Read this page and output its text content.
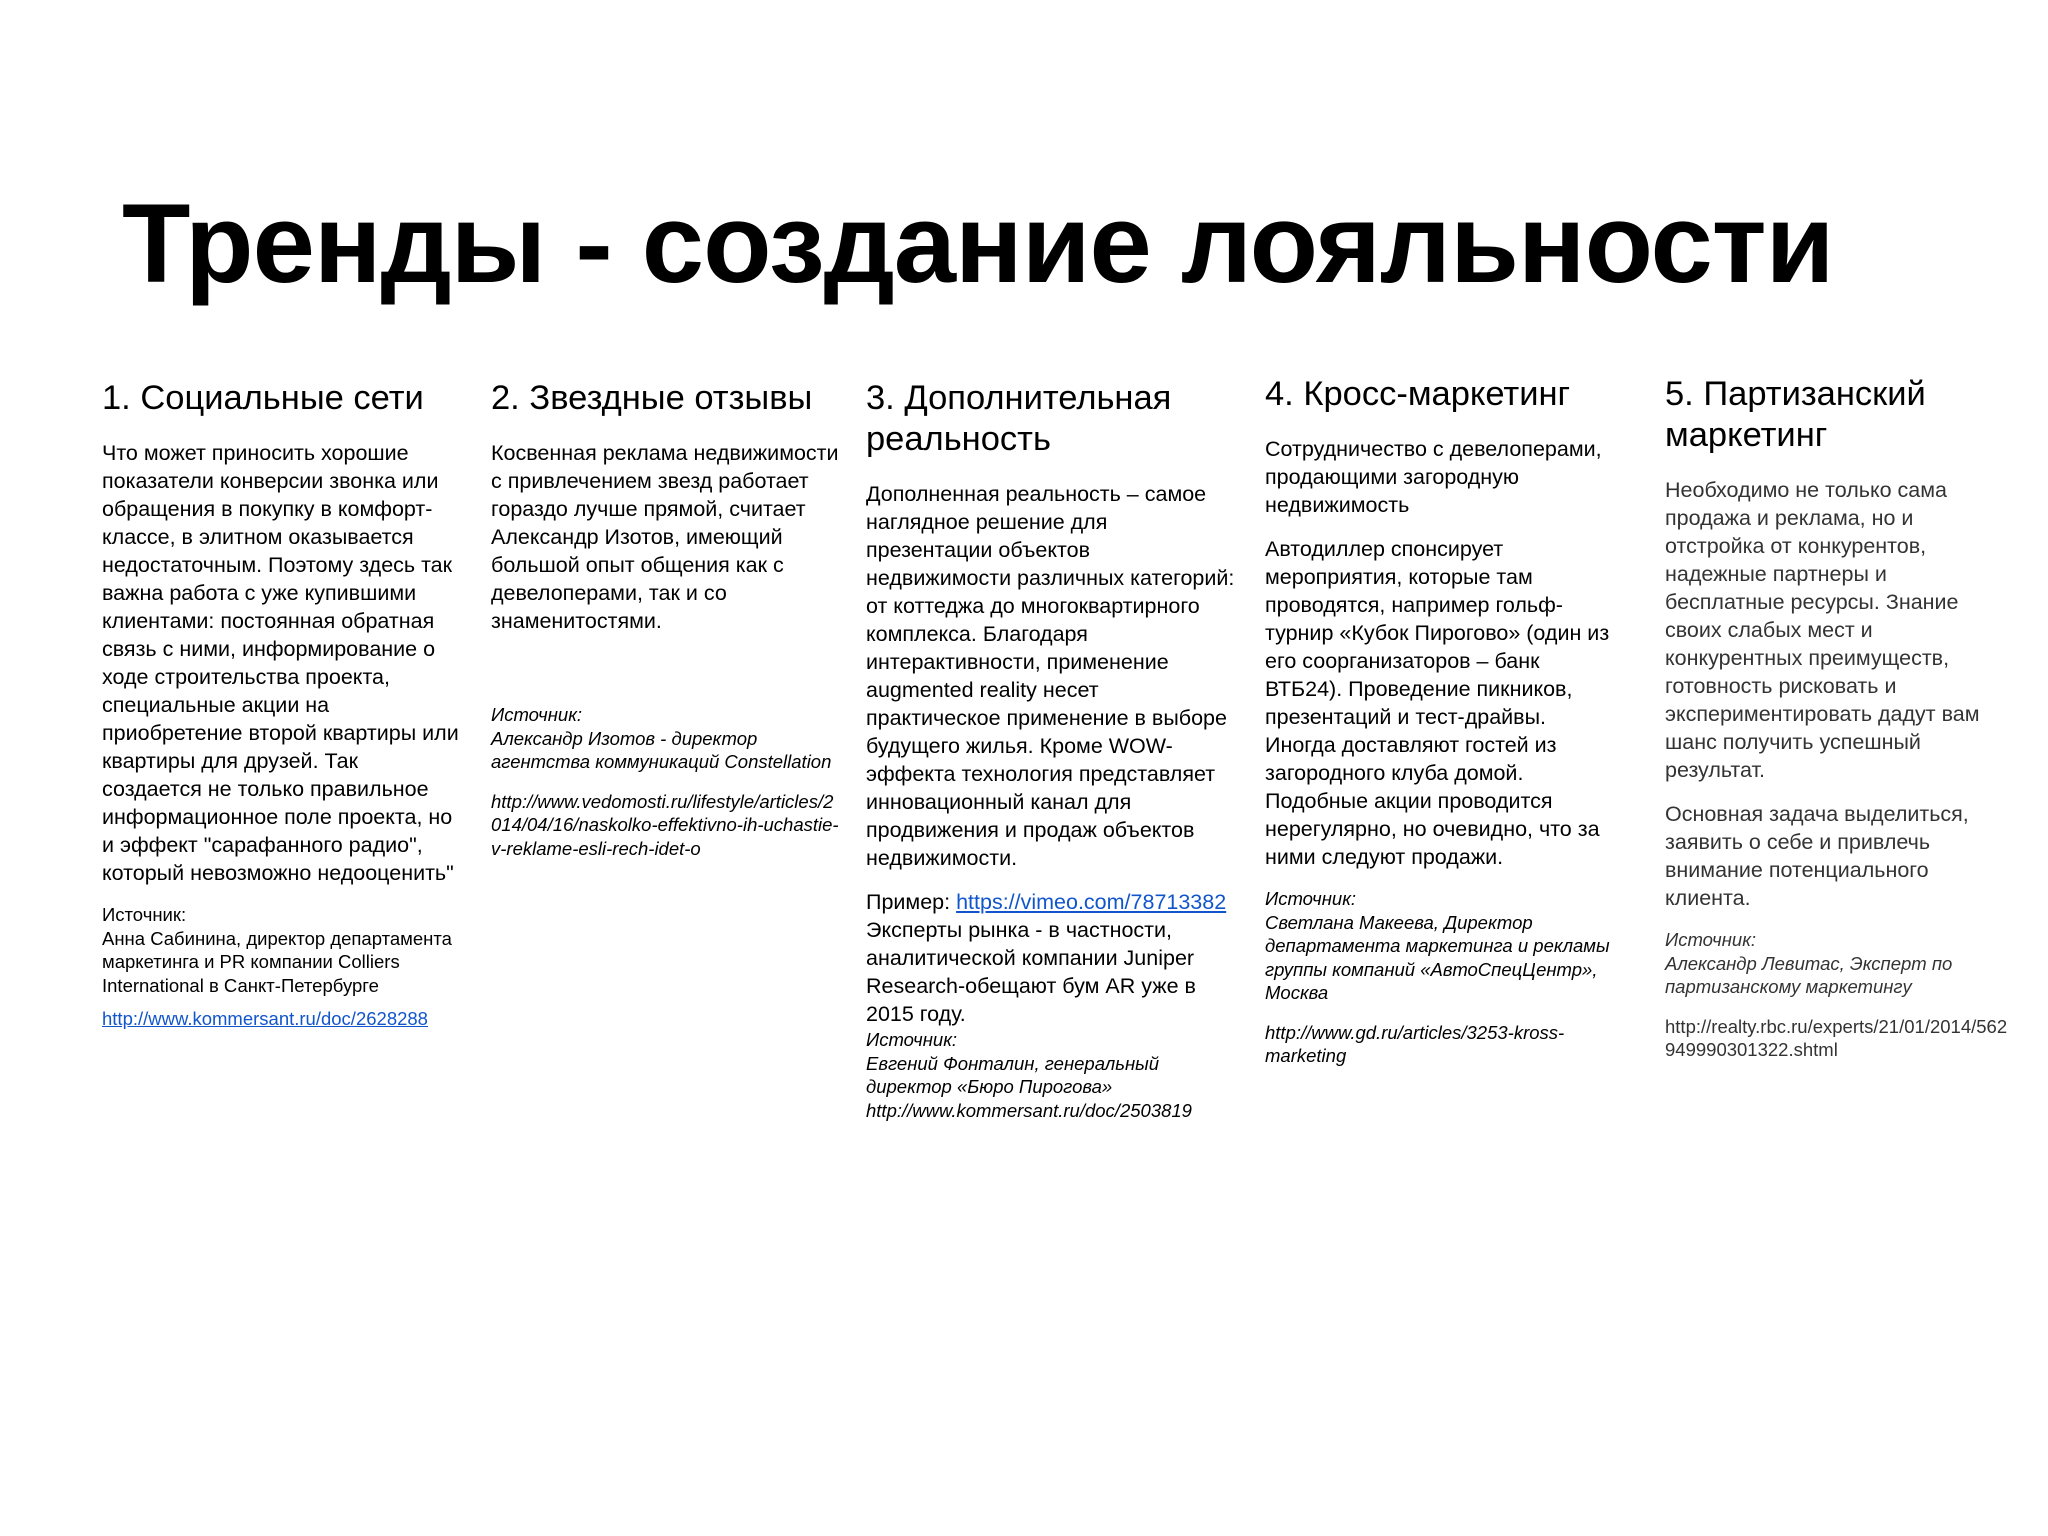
Тренды - создание лояльности
1. Социальные сети

Что может приносить хорошие показатели конверсии звонка или обращения в покупку в комфорт-классе, в элитном оказывается недостаточным. Поэтому здесь так важна работа с уже купившими клиентами: постоянная обратная связь с ними, информирование о ходе строительства проекта, специальные акции на приобретение второй квартиры или квартиры для друзей. Так создается не только правильное информационное поле проекта, но и эффект "сарафанного радио", который невозможно недооценить"

Источник:

Анна Сабинина, директор департамента маркетинга и PR компании Colliers International в Санкт-Петербурге

http://www.kommersant.ru/doc/2628288

2. Звездные отзывы

Косвенная реклама недвижимости с привлечением звезд работает гораздо лучше прямой, считает Александр Изотов, имеющий большой опыт общения как с девелоперами, так и со знаменитостями.

Источник:

Александр Изотов - директор агентства коммуникаций Constellation

http://www.vedomosti.ru/lifestyle/articles/2014/04/16/naskolko-effektivno-ih-uchastie-v-reklame-esli-rech-idet-o

3. Дополнительная реальность

Дополненная реальность – самое наглядное решение для презентации объектов недвижимости различных категорий: от коттеджа до многоквартирного комплекса. Благодаря интерактивности, применение augmented reality несет практическое применение в выборе будущего жилья. Кроме WOW-эффекта технология представляет инновационный канал для продвижения и продаж объектов недвижимости.

Пример: https://vimeo.com/78713382

Эксперты рынка - в частности, аналитической компании Juniper Research-обещают бум AR уже в 2015 году.

Источник:

Евгений Фонталин, генеральный директор «Бюро Пирогова»

http://www.kommersant.ru/doc/2503819

4. Кросс-маркетинг

Сотрудничество с девелоперами, продающими загородную недвижимость

Автодиллер спонсирует мероприятия, которые там проводятся, например гольф-турнир «Кубок Пирогово» (один из его соорганизаторов – банк ВТБ24). Проведение пикников, презентаций и тест-драйвы. Иногда доставляют гостей из загородного клуба домой. Подобные акции проводится нерегулярно, но очевидно, что за ними следуют продажи.

Источник:

Светлана Макеева, Директор департамента маркетинга и рекламы группы компаний «АвтоСпецЦентр», Москва

http://www.gd.ru/articles/3253-kross-marketing

5. Партизанский маркетинг

Необходимо не только сама продажа и реклама, но и отстройка от конкурентов, надежные партнеры и бесплатные ресурсы. Знание своих слабых мест и конкурентных преимуществ, готовность рисковать и экспериментировать дадут вам шанс получить успешный результат.

Основная задача выделиться, заявить о себе и привлечь внимание потенциального клиента.

Источник:

Александр Левитас, Эксперт по партизанскому маркетингу

http://realty.rbc.ru/experts/21/01/2014/562949990301322.shtml
